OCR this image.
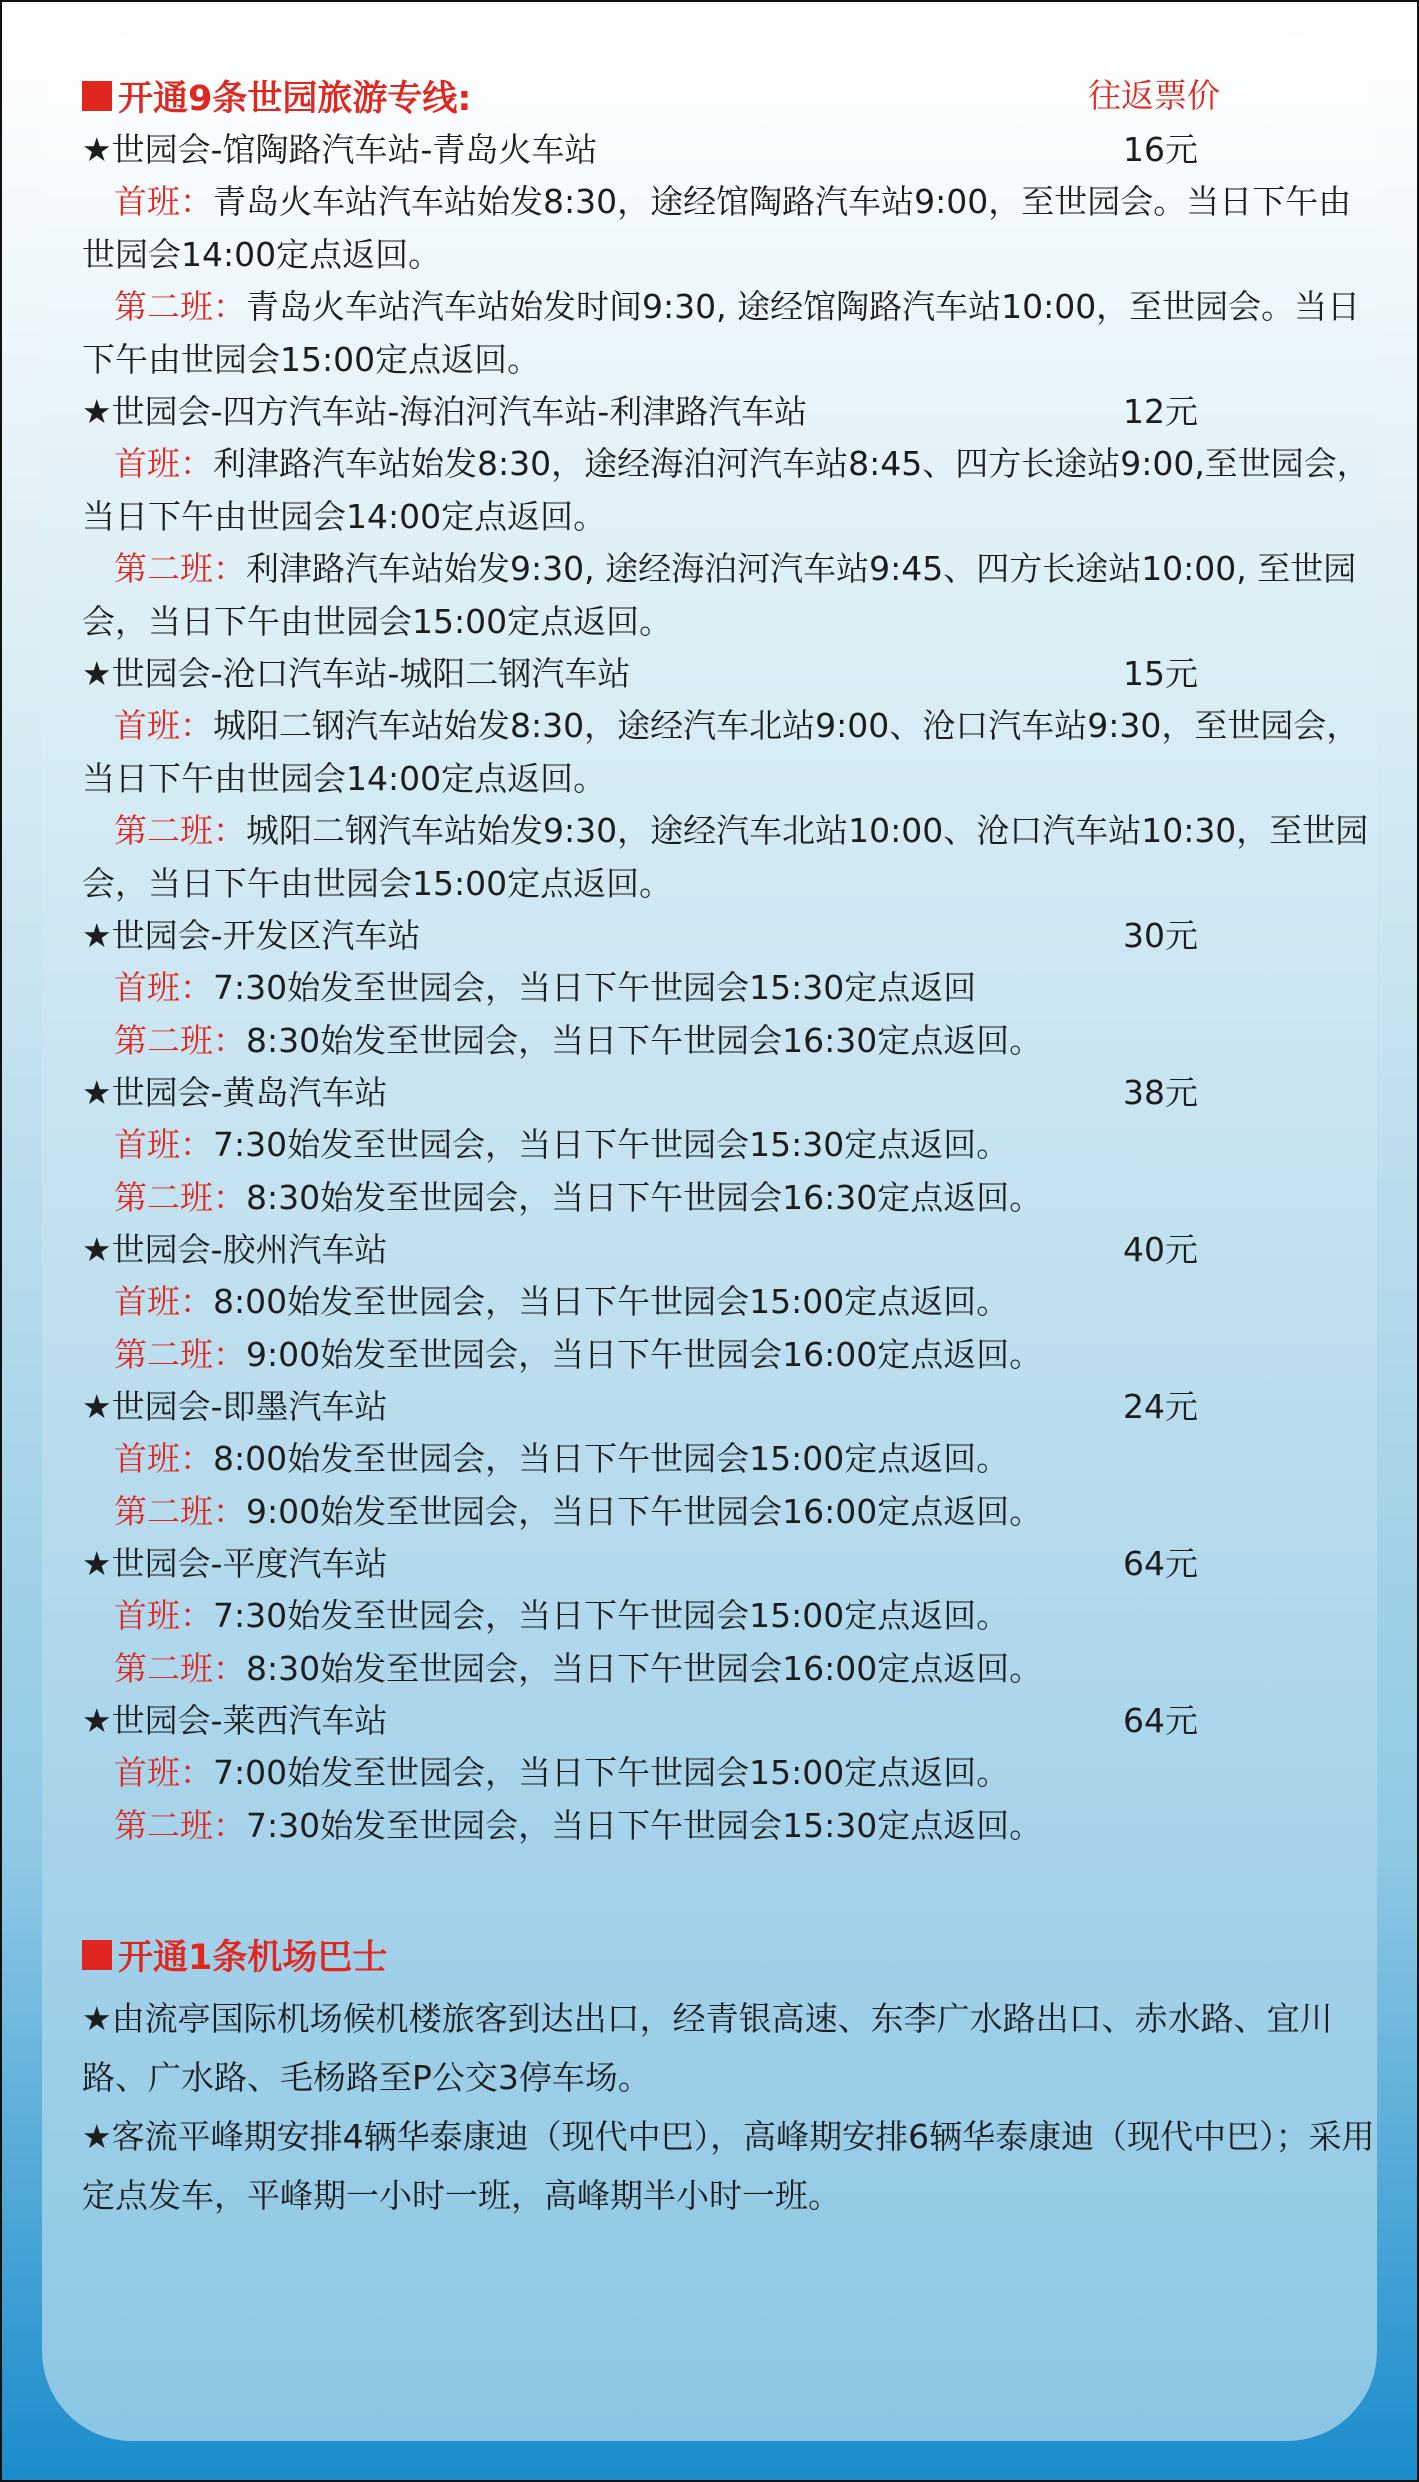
开通9条世园旅游专线:	往返票价
★世园会-馆陶路汽车站-青岛火车站	16元
首班：青岛火车站汽车站始发8:30，途经馆陶路汽车站9:00，至世园会。当日下午由世园会14:00定点返回。
第二班：青岛火车站汽车站始发时间9:30, 途经馆陶路汽车站10:00，至世园会。当日下午由世园会15:00定点返回。
★世园会-四方汽车站-海泊河汽车站-利津路汽车站	12元
首班：利津路汽车站始发8:30，途经海泊河汽车站8:45、四方长途站9:00,至世园会，当日下午由世园会14:00定点返回。
第二班：利津路汽车站始发9:30, 途经海泊河汽车站9:45、四方长途站10:00, 至世园会，当日下午由世园会15:00定点返回。
★世园会-沧口汽车站-城阳二钢汽车站	15元
首班：城阳二钢汽车站始发8:30，途经汽车北站9:00、沧口汽车站9:30，至世园会，当日下午由世园会14:00定点返回。
第二班：城阳二钢汽车站始发9:30，途经汽车北站10:00、沧口汽车站10:30，至世园会，当日下午由世园会15:00定点返回。
★世园会-开发区汽车站	30元
首班：7:30始发至世园会，当日下午世园会15:30定点返回
第二班：8:30始发至世园会，当日下午世园会16:30定点返回。
★世园会-黄岛汽车站	38元
首班：7:30始发至世园会，当日下午世园会15:30定点返回。
第二班：8:30始发至世园会，当日下午世园会16:30定点返回。
★世园会-胶州汽车站	40元
首班：8:00始发至世园会，当日下午世园会15:00定点返回。
第二班：9:00始发至世园会，当日下午世园会16:00定点返回。
★世园会-即墨汽车站	24元
首班：8:00始发至世园会，当日下午世园会15:00定点返回。
第二班：9:00始发至世园会，当日下午世园会16:00定点返回。
★世园会-平度汽车站	64元
首班：7:30始发至世园会，当日下午世园会15:00定点返回。
第二班：8:30始发至世园会，当日下午世园会16:00定点返回。
★世园会-莱西汽车站	64元
首班：7:00始发至世园会，当日下午世园会15:00定点返回。
第二班：7:30始发至世园会，当日下午世园会15:30定点返回。
开通1条机场巴士
★由流亭国际机场候机楼旅客到达出口，经青银高速、东李广水路出口、赤水路、宜川路、广水路、毛杨路至P公交3停车场。
★客流平峰期安排4辆华泰康迪（现代中巴），高峰期安排6辆华泰康迪（现代中巴）；采用定点发车，平峰期一小时一班，高峰期半小时一班。
